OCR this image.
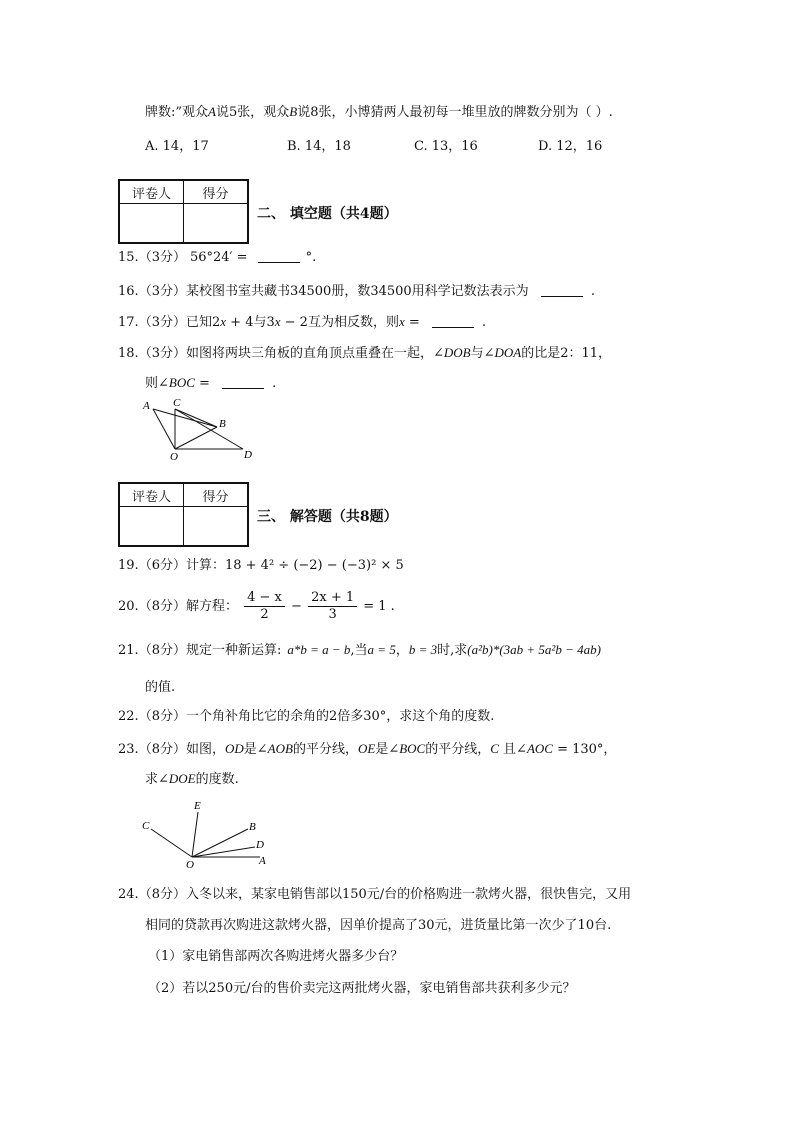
牌数:”观众A说5张，观众B说8张，小博猜两人最初每一堆里放的牌数分别为（ ）.
A. 14，17	B. 14，18	C. 13，16	D. 12，16
评卷人	得分

二、 填空题（共4题）
15.（3分） 56°24′ =	°.
16.（3分）某校图书室共藏书34500册，数34500用科学记数法表示为	.
17.（3分）已知2x + 4与3x − 2互为相反数，则x =	.
18.（3分）如图将两块三角板的直角顶点重叠在一起，∠DOB与∠DOA的比是2：11，
则∠BOC =	.
A C
B
O	D
评卷人	得分

三、 解答题（共8题）
19.（6分）计算：18 + 4² ÷ (−2) − (−3)² × 5
20.（8分）解方程： $\frac{4 - x}{2} - \frac{2x + 1}{3} = 1$ .
21.（8分）规定一种新运算: a*b = a − b,当a = 5，b = 3时,求(a²b)*(3ab + 5a²b − 4ab)
的值.
22.（8分）一个角补角比它的余角的2倍多30°，求这个角的度数.
23.（8分）如图，OD是∠AOB的平分线，OE是∠BOC的平分线，C 且∠AOC = 130°，
求∠DOE的度数.
E
C	B
D
O	A
24.（8分）入冬以来，某家电销售部以150元/台的价格购进一款烤火器，很快售完，又用
相同的贷款再次购进这款烤火器，因单价提高了30元，进货量比第一次少了10台.
（1）家电销售部两次各购进烤火器多少台？
（2）若以250元/台的售价卖完这两批烤火器，家电销售部共获利多少元？
